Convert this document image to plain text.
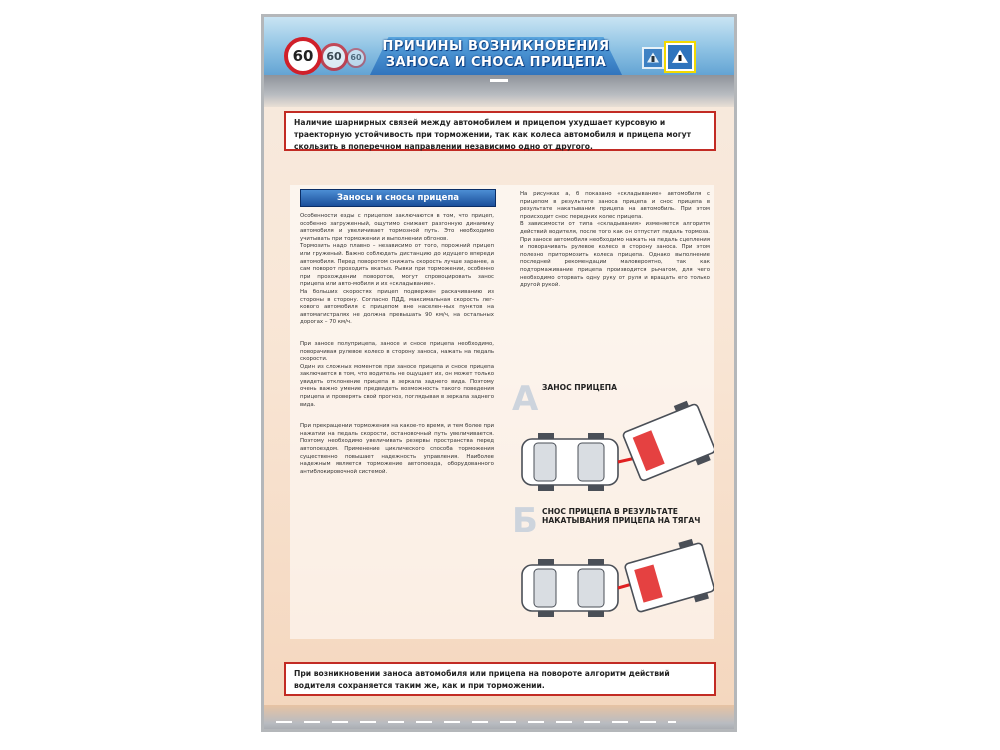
60	60	60
ПРИЧИНЫ ВОЗНИКНОВЕНИЯ
ЗАНОСА И СНОСА ПРИЦЕПА
Наличие шарнирных связей между автомобилем и прицепом ухудшает курсовую и траекторную устойчивость при торможении, так как колеса автомобиля и прицепа могут скользить в поперечном направлении независимо одно от другого.
Заносы и сносы прицепа

Особенности езды с прицепом заключаются в том, что прицеп, особенно загруженный, ощутимо снижает разгонную динамику автомобиля и увеличивает тормозной путь. Это необходимо учитывать при торможении и выполнении обгонов.

Тормозить надо плавно – независимо от того, порожний прицеп или груженый. Важно соблюдать дистанцию до идущего впереди автомобиля. Перед поворотом снижать скорость лучше заранее, а сам поворот проходить вкатыз. Рывки при торможении, особенно при прохождении поворотов, могут спровоцировать занос прицепа или авто-мобиля и их «складывание».

На больших скоростях прицеп подвержен раскачиванию из стороны в сторону. Согласно ПДД, максимальная скорость лег-кового автомобиля с прицепом вне населен-ных пунктов на автомагистралях не должна превышать 90 км/ч, на остальных дорогах – 70 км/ч.

При заносе полуприцепа, заносе и сносе прицепа необходимо, поворачивая рулевое колесо в сторону заноса, нажать на педаль скорости.

Один из сложных моментов при заносе прицепа и сносе прицепа заключается в том, что водитель не ощущает их, он может только увидеть отклонение прицепа в зеркала заднего вида. Поэтому очень важно умение предвидеть возможность такого поведения прицепа и проверять свой прогноз, поглядывая в зеркала заднего вида.

При прекращении торможения на какое-то время, и тем более при нажатии на педаль скорости, остановочный путь увеличивается. Поэтому необходимо увеличивать резервы пространства перед автопоездом. Применение циклического способа торможения существенно повышает надежность управления. Наиболее надежным является торможение автопоезда, оборудованного антиблокировочной системой.

На рисунках а, б показано «складывание» автомобиля с прицепом в результате заноса прицепа и снос прицепа в результате накатывания прицепа на автомобиль. При этом происходит снос передних колес прицепа.

В зависимости от типа «складывания» изменяется алгоритм действий водителя, после того как он отпустит педаль тормоза. При заносе автомобиля необходимо нажать на педаль сцепления и поворачивать рулевое колесо в сторону заноса. При этом полезно притормозить колеса прицепа. Однако выполнение последней рекомендации маловероятно, так как подтормаживание прицепа производится рычагом, для чего необходимо оторвать одну руку от руля и вращать его только другой рукой.

А ЗАНОС ПРИЦЕПА
Б СНОС ПРИЦЕПА В РЕЗУЛЬТАТЕ НАКАТЫВАНИЯ ПРИЦЕПА НА ТЯГАЧ
При возникновении заноса автомобиля или прицепа на повороте алгоритм действий водителя сохраняется таким же, как и при торможении.
